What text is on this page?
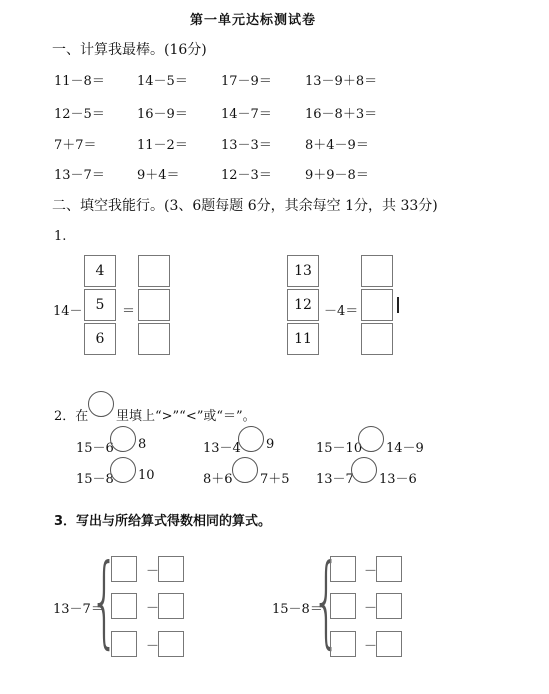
第一单元达标测试卷
一、计算我最棒。(16分)
11－8＝ 14－5＝	17－9＝	13－9＋8＝
12－5＝ 16－9＝	14－7＝	16－8＋3＝
7＋7＝	11－2＝	13－3＝	8＋4－9＝
13－7＝ 9＋4＝	12－3＝	9＋9－8＝
二、填空我能行。(3、6题每题 6分，其余每空 1分，共 33分)
1.
14－
4
5
6
＝
13
12
11
－4＝
2．在 里填上“>”“<”或“＝”。
15－6 8	13－4 9	15－10 14－9
15－8 10	8＋6 7＋5 13－7 13－6
3．写出与所给算式得数相同的算式。
13－7＝
{ －
－
－
15－8＝
{ －
－
－
